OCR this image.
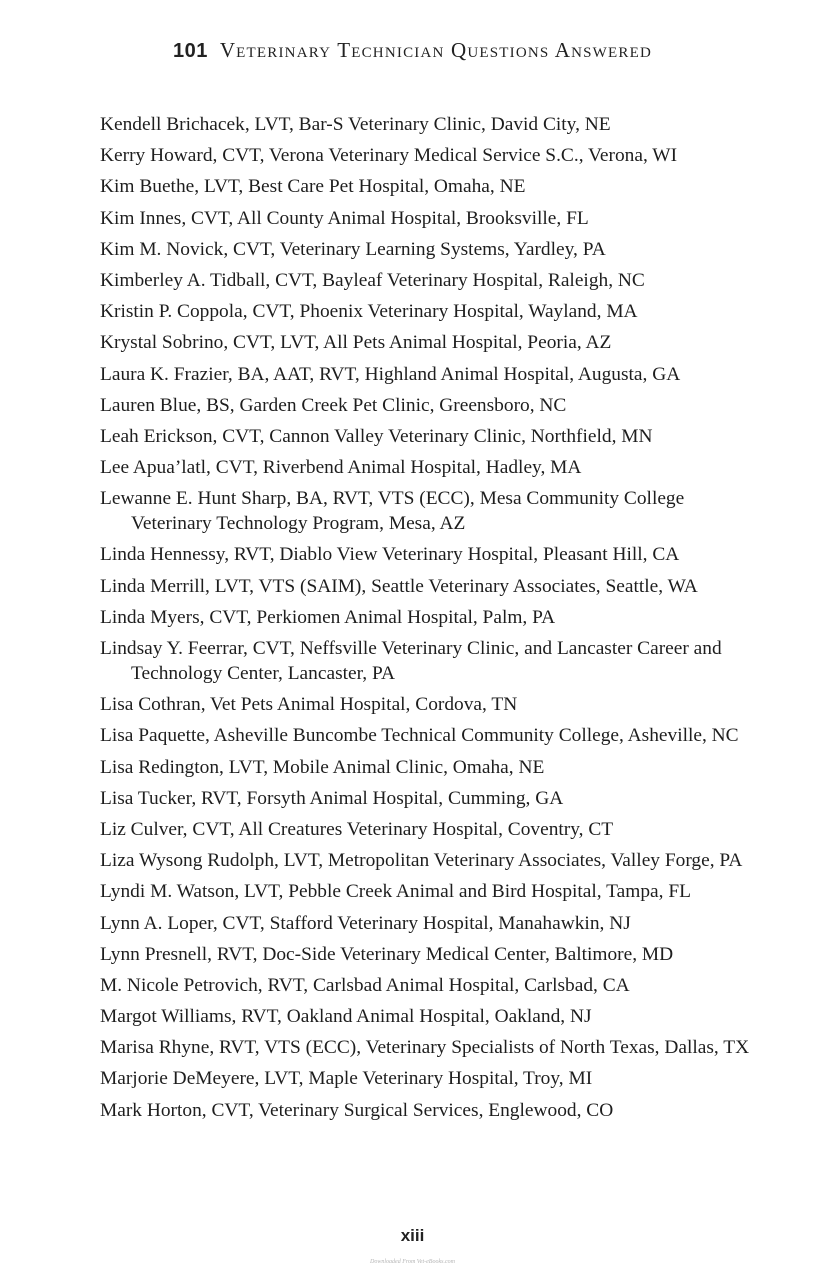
101 Veterinary Technician Questions Answered
Kendell Brichacek, LVT, Bar-S Veterinary Clinic, David City, NE
Kerry Howard, CVT, Verona Veterinary Medical Service S.C., Verona, WI
Kim Buethe, LVT, Best Care Pet Hospital, Omaha, NE
Kim Innes, CVT, All County Animal Hospital, Brooksville, FL
Kim M. Novick, CVT, Veterinary Learning Systems, Yardley, PA
Kimberley A. Tidball, CVT, Bayleaf Veterinary Hospital, Raleigh, NC
Kristin P. Coppola, CVT, Phoenix Veterinary Hospital, Wayland, MA
Krystal Sobrino, CVT, LVT, All Pets Animal Hospital, Peoria, AZ
Laura K. Frazier, BA, AAT, RVT, Highland Animal Hospital, Augusta, GA
Lauren Blue, BS, Garden Creek Pet Clinic, Greensboro, NC
Leah Erickson, CVT, Cannon Valley Veterinary Clinic, Northfield, MN
Lee Apua’latl, CVT, Riverbend Animal Hospital, Hadley, MA
Lewanne E. Hunt Sharp, BA, RVT, VTS (ECC), Mesa Community College Veterinary Technology Program, Mesa, AZ
Linda Hennessy, RVT, Diablo View Veterinary Hospital, Pleasant Hill, CA
Linda Merrill, LVT, VTS (SAIM), Seattle Veterinary Associates, Seattle, WA
Linda Myers, CVT, Perkiomen Animal Hospital, Palm, PA
Lindsay Y. Feerrar, CVT, Neffsville Veterinary Clinic, and Lancaster Career and Technology Center, Lancaster, PA
Lisa Cothran, Vet Pets Animal Hospital, Cordova, TN
Lisa Paquette, Asheville Buncombe Technical Community College, Asheville, NC
Lisa Redington, LVT, Mobile Animal Clinic, Omaha, NE
Lisa Tucker, RVT, Forsyth Animal Hospital, Cumming, GA
Liz Culver, CVT, All Creatures Veterinary Hospital, Coventry, CT
Liza Wysong Rudolph, LVT, Metropolitan Veterinary Associates, Valley Forge, PA
Lyndi M. Watson, LVT, Pebble Creek Animal and Bird Hospital, Tampa, FL
Lynn A. Loper, CVT, Stafford Veterinary Hospital, Manahawkin, NJ
Lynn Presnell, RVT, Doc-Side Veterinary Medical Center, Baltimore, MD
M. Nicole Petrovich, RVT, Carlsbad Animal Hospital, Carlsbad, CA
Margot Williams, RVT, Oakland Animal Hospital, Oakland, NJ
Marisa Rhyne, RVT, VTS (ECC), Veterinary Specialists of North Texas, Dallas, TX
Marjorie DeMeyere, LVT, Maple Veterinary Hospital, Troy, MI
Mark Horton, CVT, Veterinary Surgical Services, Englewood, CO
xiii
Downloaded From Vet-eBooks.com
